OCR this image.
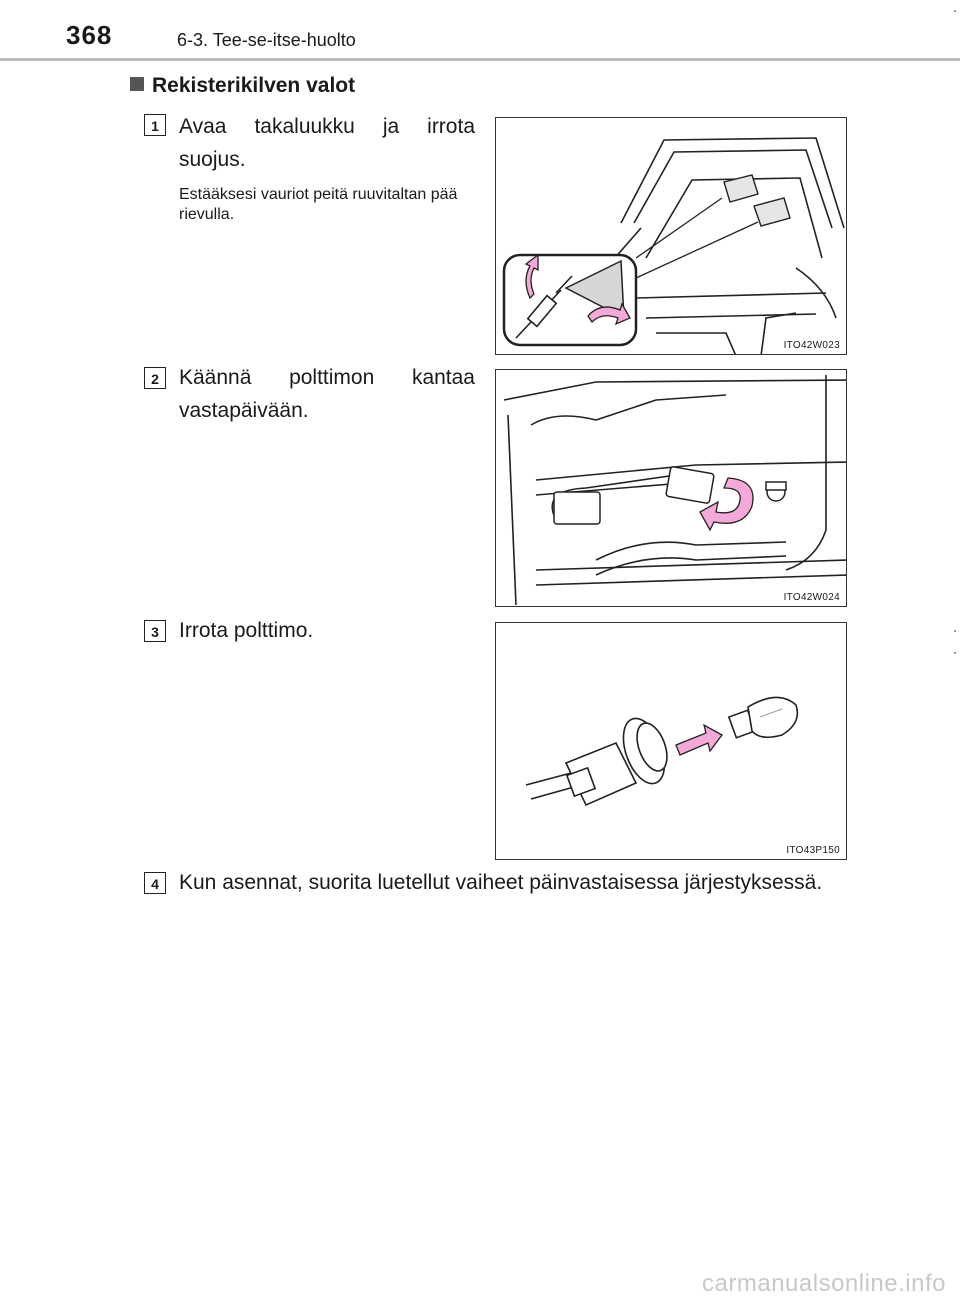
368	6-3. Tee-se-itse-huolto
Rekisterikilven valot
1 Avaa takaluukku ja irrota suojus.
Estääksesi vauriot peitä ruuvitaltan pää rievulla.
ITO42W023
2 Käännä polttimon kantaa vastapäivään.
ITO42W024
3 Irrota polttimo.
ITO43P150
4 Kun asennat, suorita luetellut vaiheet päinvastaisessa järjestyksessä.
carmanualsonline.info
